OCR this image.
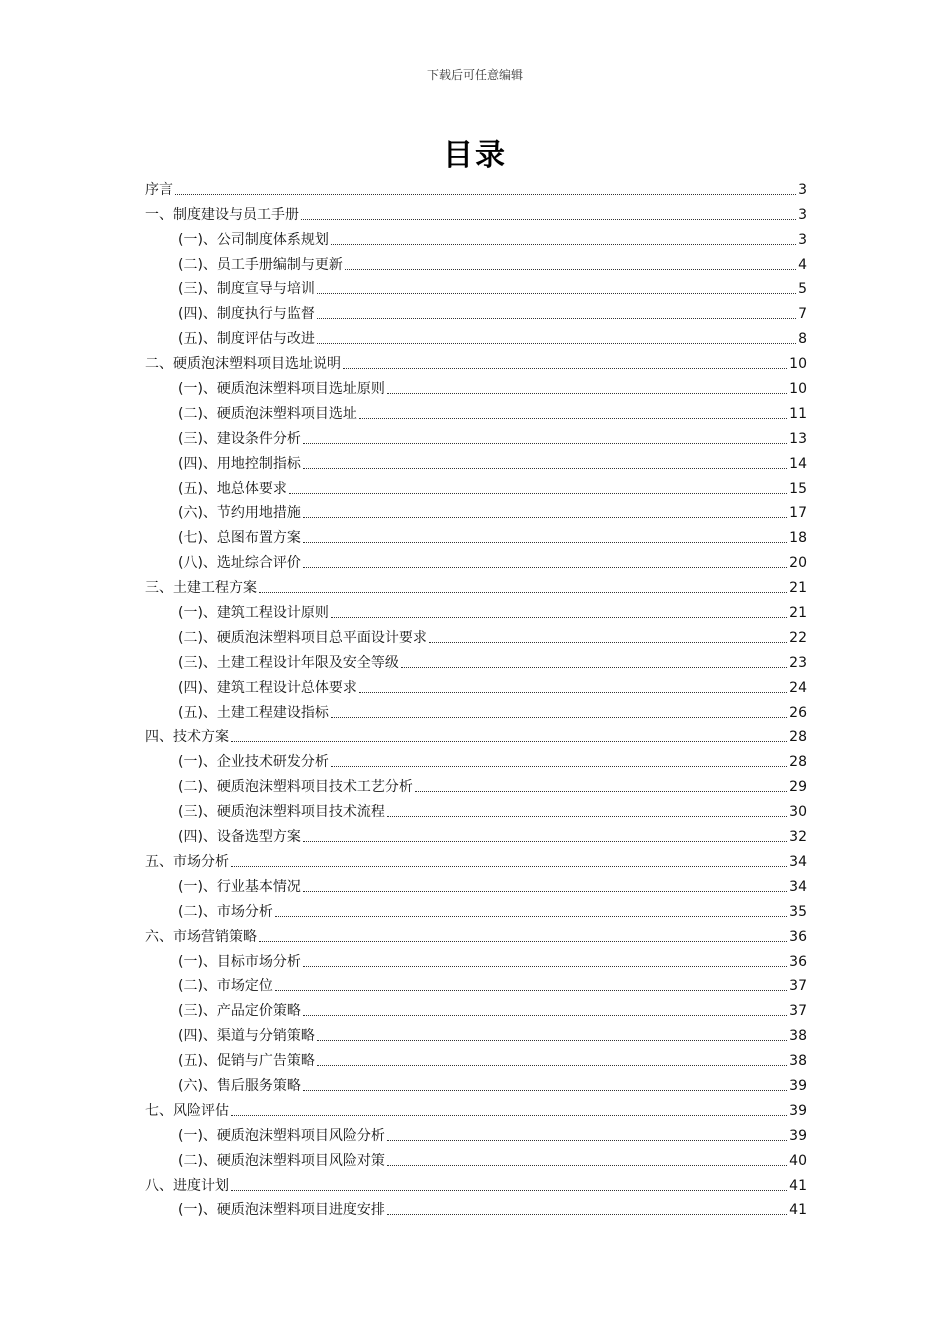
下载后可任意编辑
目录
序言	3
一、制度建设与员工手册	3
(一)、公司制度体系规划	3
(二)、员工手册编制与更新	4
(三)、制度宣导与培训	5
(四)、制度执行与监督	7
(五)、制度评估与改进	8
二、硬质泡沫塑料项目选址说明	10
(一)、硬质泡沫塑料项目选址原则	10
(二)、硬质泡沫塑料项目选址	11
(三)、建设条件分析	13
(四)、用地控制指标	14
(五)、地总体要求	15
(六)、节约用地措施	17
(七)、总图布置方案	18
(八)、选址综合评价	20
三、土建工程方案	21
(一)、建筑工程设计原则	21
(二)、硬质泡沫塑料项目总平面设计要求	22
(三)、土建工程设计年限及安全等级	23
(四)、建筑工程设计总体要求	24
(五)、土建工程建设指标	26
四、技术方案	28
(一)、企业技术研发分析	28
(二)、硬质泡沫塑料项目技术工艺分析	29
(三)、硬质泡沫塑料项目技术流程	30
(四)、设备选型方案	32
五、市场分析	34
(一)、行业基本情况	34
(二)、市场分析	35
六、市场营销策略	36
(一)、目标市场分析	36
(二)、市场定位	37
(三)、产品定价策略	37
(四)、渠道与分销策略	38
(五)、促销与广告策略	38
(六)、售后服务策略	39
七、风险评估	39
(一)、硬质泡沫塑料项目风险分析	39
(二)、硬质泡沫塑料项目风险对策	40
八、进度计划	41
(一)、硬质泡沫塑料项目进度安排	41
